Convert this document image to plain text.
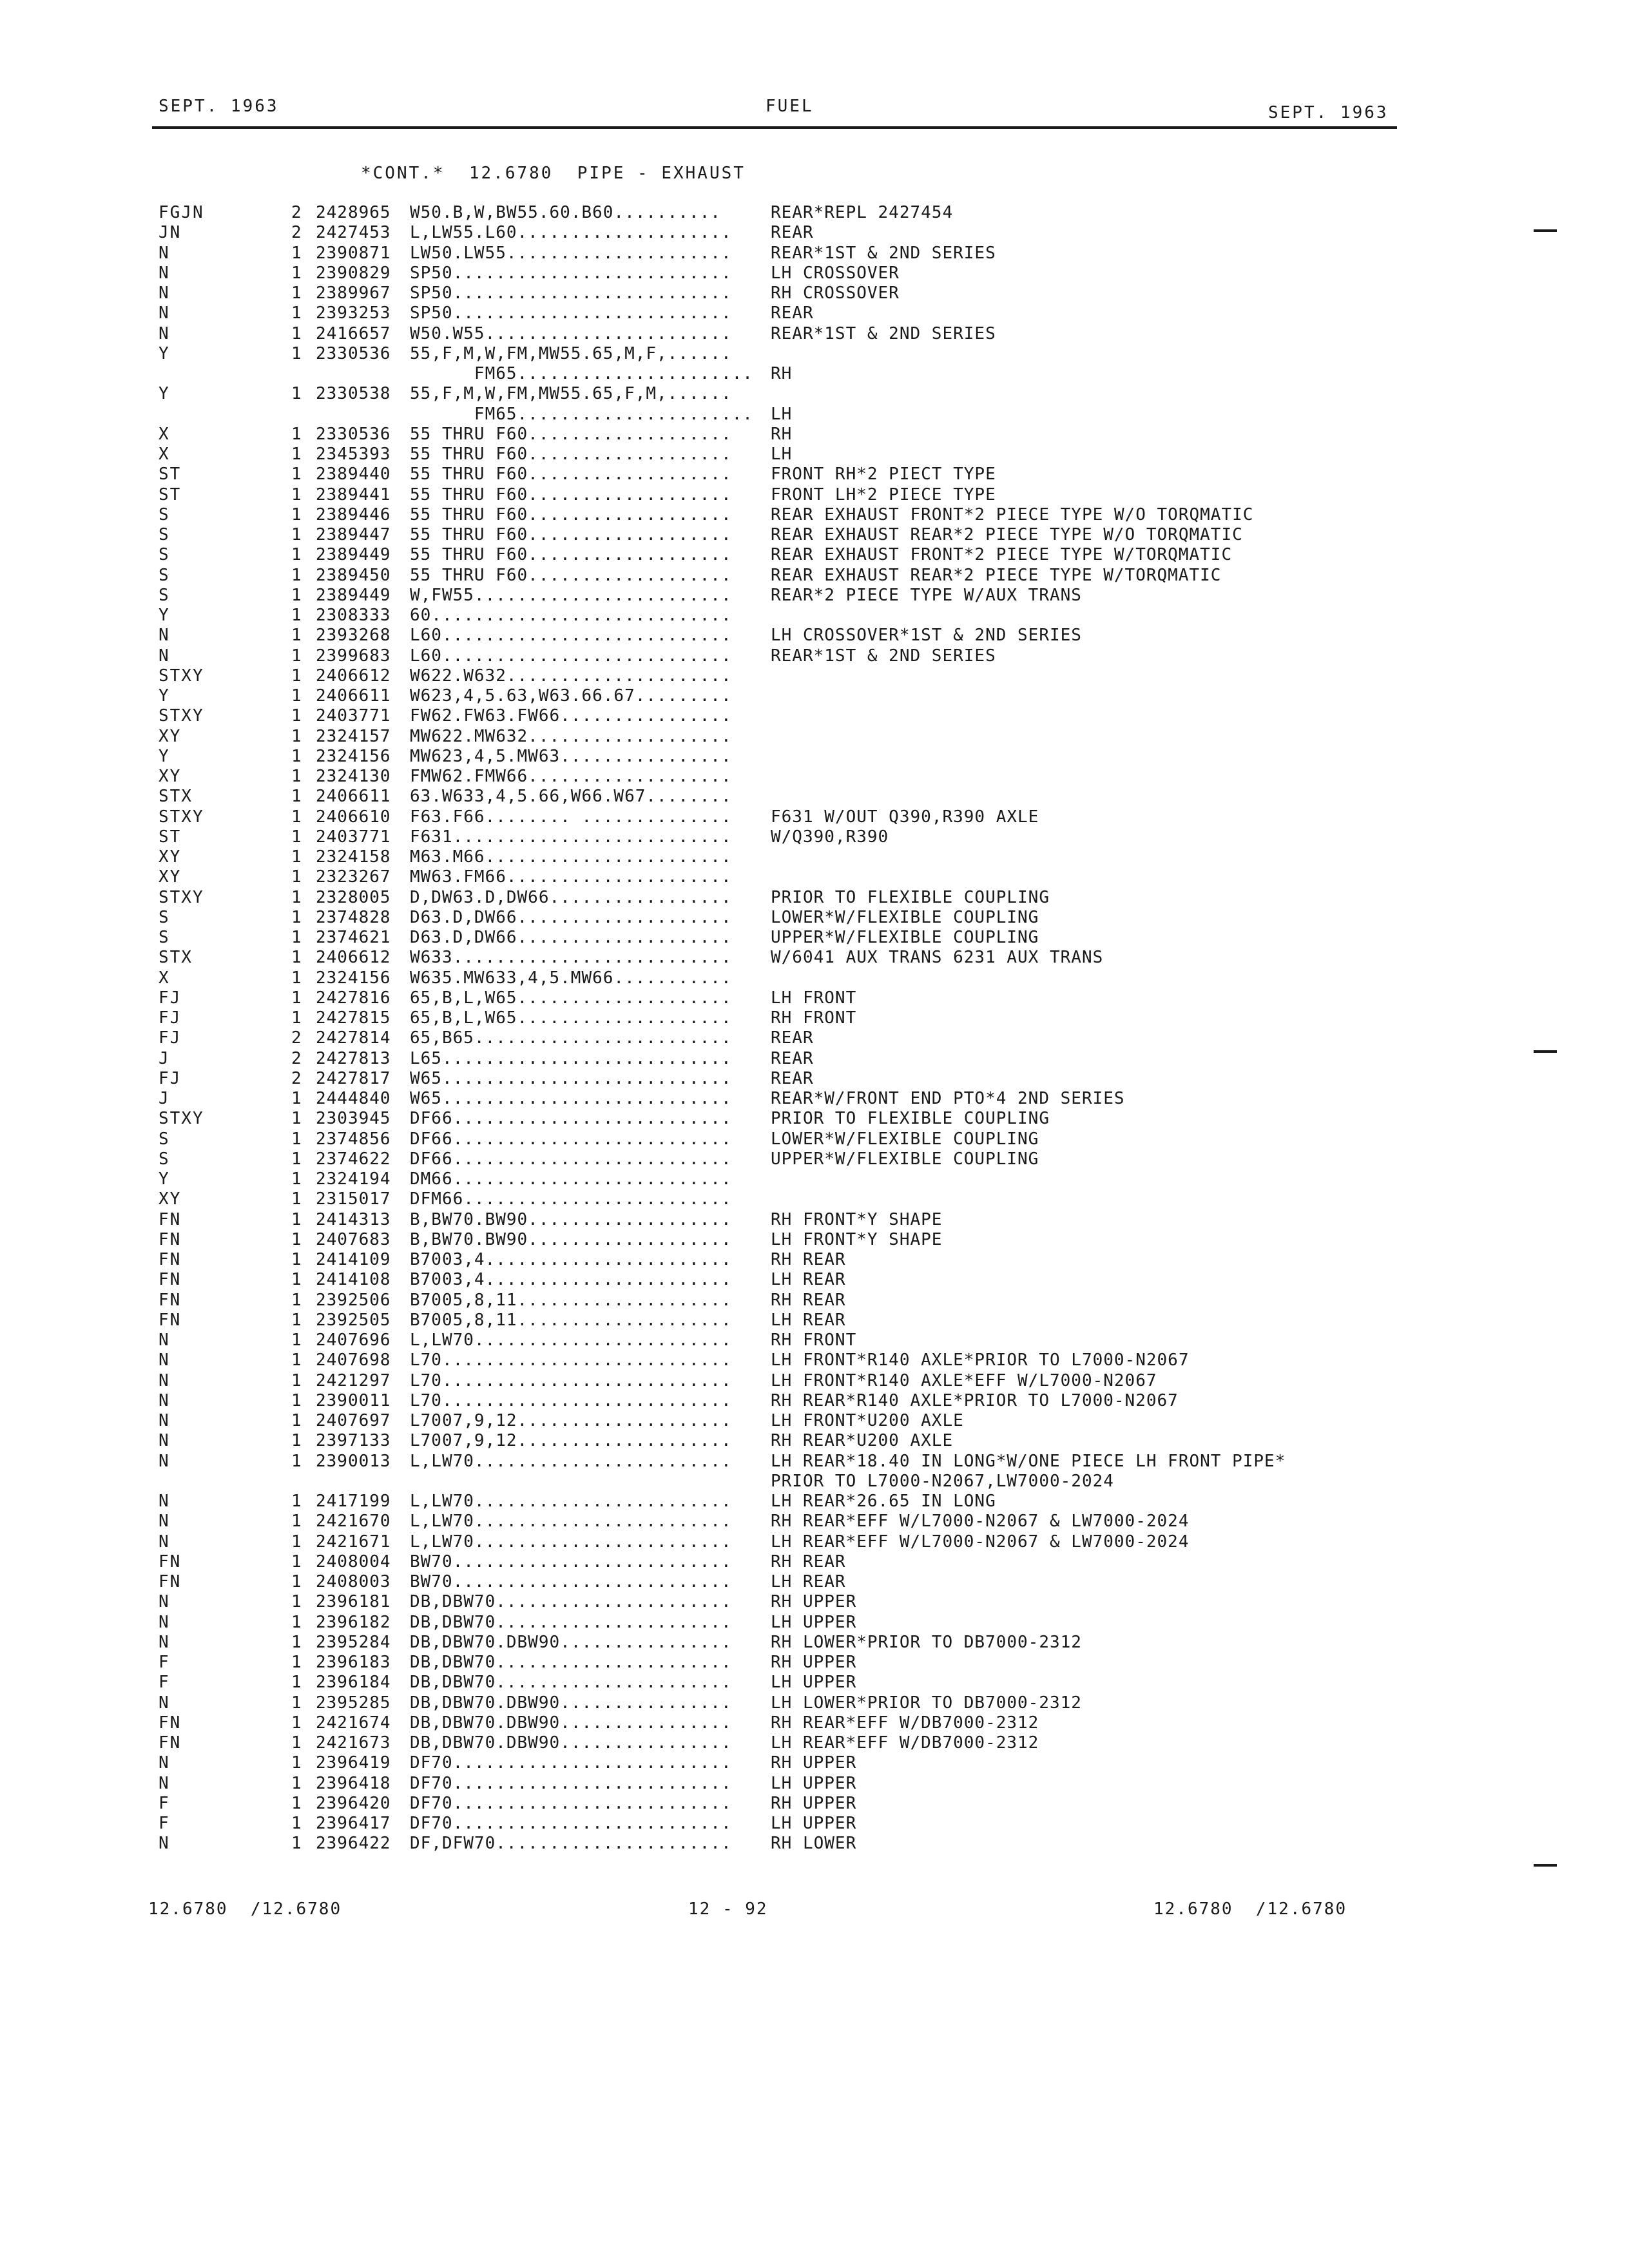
SEPT. 1963	FUEL	SEPT. 1963
*CONT.*  12.6780  PIPE - EXHAUST
FGJN	2 2428965 W50.B,W,BW55.60.B60..........	REAR*REPL 2427454
JN	2 2427453 L,LW55.L60.................... REAR
N	1 2390871 LW50.LW55..................... REAR*1ST & 2ND SERIES
N	1 2390829 SP50.......................... LH CROSSOVER
N	1 2389967 SP50.......................... RH CROSSOVER
N	1 2393253 SP50.......................... REAR
N	1 2416657 W50.W55....................... REAR*1ST & 2ND SERIES
Y	1 2330536 55,F,M,W,FM,MW55.65,M,F,......
FM65...................... RH
Y	1 2330538 55,F,M,W,FM,MW55.65,F,M,......
FM65...................... LH
X	1 2330536 55 THRU F60................... RH
X	1 2345393 55 THRU F60................... LH
ST	1 2389440 55 THRU F60................... FRONT RH*2 PIECT TYPE
ST	1 2389441 55 THRU F60................... FRONT LH*2 PIECE TYPE
S	1 2389446 55 THRU F60................... REAR EXHAUST FRONT*2 PIECE TYPE W/O TORQMATIC
S	1 2389447 55 THRU F60................... REAR EXHAUST REAR*2 PIECE TYPE W/O TORQMATIC
S	1 2389449 55 THRU F60................... REAR EXHAUST FRONT*2 PIECE TYPE W/TORQMATIC
S	1 2389450 55 THRU F60................... REAR EXHAUST REAR*2 PIECE TYPE W/TORQMATIC
S	1 2389449 W,FW55........................ REAR*2 PIECE TYPE W/AUX TRANS
Y	1 2308333 60............................
N	1 2393268 L60........................... LH CROSSOVER*1ST & 2ND SERIES
N	1 2399683 L60........................... REAR*1ST & 2ND SERIES
STXY	1 2406612 W622.W632.....................
Y	1 2406611 W623,4,5.63,W63.66.67.........
STXY	1 2403771 FW62.FW63.FW66................
XY	1 2324157 MW622.MW632...................
Y	1 2324156 MW623,4,5.MW63................
XY	1 2324130 FMW62.FMW66...................
STX	1 2406611 63.W633,4,5.66,W66.W67........
STXY	1 2406610 F63.F66........ .............. F631 W/OUT Q390,R390 AXLE
ST	1 2403771 F631.......................... W/Q390,R390
XY	1 2324158 M63.M66.......................
XY	1 2323267 MW63.FM66.....................
STXY	1 2328005 D,DW63.D,DW66................. PRIOR TO FLEXIBLE COUPLING
S	1 2374828 D63.D,DW66.................... LOWER*W/FLEXIBLE COUPLING
S	1 2374621 D63.D,DW66.................... UPPER*W/FLEXIBLE COUPLING
STX	1 2406612 W633.......................... W/6041 AUX TRANS 6231 AUX TRANS
X	1 2324156 W635.MW633,4,5.MW66...........
FJ	1 2427816 65,B,L,W65.................... LH FRONT
FJ	1 2427815 65,B,L,W65.................... RH FRONT
FJ	2 2427814 65,B65........................ REAR
J	2 2427813 L65........................... REAR
FJ	2 2427817 W65........................... REAR
J	1 2444840 W65........................... REAR*W/FRONT END PTO*4 2ND SERIES
STXY	1 2303945 DF66.......................... PRIOR TO FLEXIBLE COUPLING
S	1 2374856 DF66.......................... LOWER*W/FLEXIBLE COUPLING
S	1 2374622 DF66.......................... UPPER*W/FLEXIBLE COUPLING
Y	1 2324194 DM66..........................
XY	1 2315017 DFM66.........................
FN	1 2414313 B,BW70.BW90................... RH FRONT*Y SHAPE
FN	1 2407683 B,BW70.BW90................... LH FRONT*Y SHAPE
FN	1 2414109 B7003,4....................... RH REAR
FN	1 2414108 B7003,4....................... LH REAR
FN	1 2392506 B7005,8,11.................... RH REAR
FN	1 2392505 B7005,8,11.................... LH REAR
N	1 2407696 L,LW70........................ RH FRONT
N	1 2407698 L70........................... LH FRONT*R140 AXLE*PRIOR TO L7000-N2067
N	1 2421297 L70........................... LH FRONT*R140 AXLE*EFF W/L7000-N2067
N	1 2390011 L70........................... RH REAR*R140 AXLE*PRIOR TO L7000-N2067
N	1 2407697 L7007,9,12.................... LH FRONT*U200 AXLE
N	1 2397133 L7007,9,12.................... RH REAR*U200 AXLE
N	1 2390013 L,LW70........................ LH REAR*18.40 IN LONG*W/ONE PIECE LH FRONT PIPE*
PRIOR TO L7000-N2067,LW7000-2024
N	1 2417199 L,LW70........................ LH REAR*26.65 IN LONG
N	1 2421670 L,LW70........................ RH REAR*EFF W/L7000-N2067 & LW7000-2024
N	1 2421671 L,LW70........................ LH REAR*EFF W/L7000-N2067 & LW7000-2024
FN	1 2408004 BW70.......................... RH REAR
FN	1 2408003 BW70.......................... LH REAR
N	1 2396181 DB,DBW70...................... RH UPPER
N	1 2396182 DB,DBW70...................... LH UPPER
N	1 2395284 DB,DBW70.DBW90................ RH LOWER*PRIOR TO DB7000-2312
F	1 2396183 DB,DBW70...................... RH UPPER
F	1 2396184 DB,DBW70...................... LH UPPER
N	1 2395285 DB,DBW70.DBW90................ LH LOWER*PRIOR TO DB7000-2312
FN	1 2421674 DB,DBW70.DBW90................ RH REAR*EFF W/DB7000-2312
FN	1 2421673 DB,DBW70.DBW90................ LH REAR*EFF W/DB7000-2312
N	1 2396419 DF70.......................... RH UPPER
N	1 2396418 DF70.......................... LH UPPER
F	1 2396420 DF70.......................... RH UPPER
F	1 2396417 DF70.......................... LH UPPER
N	1 2396422 DF,DFW70...................... RH LOWER
12.6780  /12.6780	12 - 92	12.6780  /12.6780
